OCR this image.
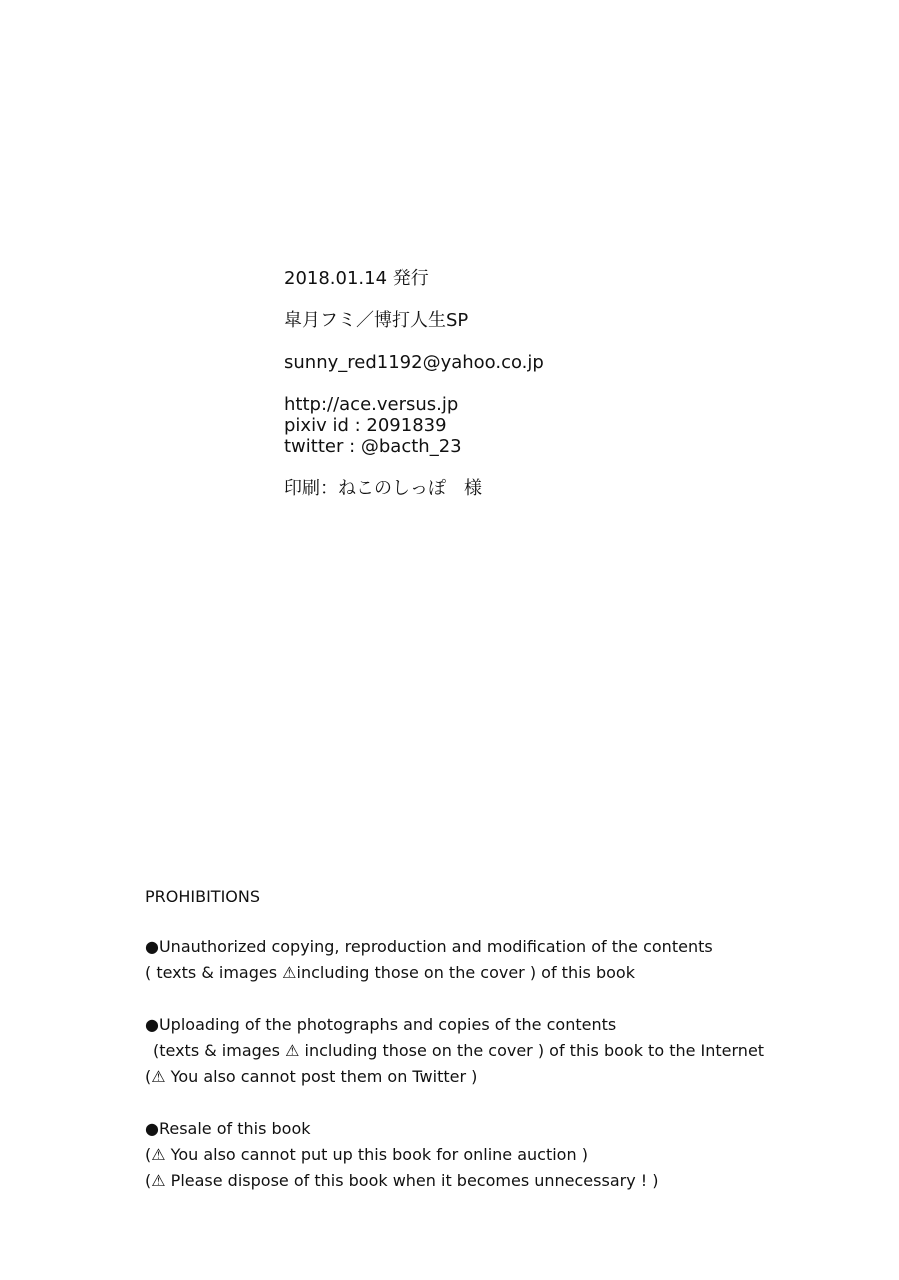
2018.01.14 発行
皐月フミ／博打人生SP
sunny_red1192@yahoo.co.jp
http://ace.versus.jp
pixiv id : 2091839
twitter : @bacth_23
印刷：ねこのしっぽ　様
PROHIBITIONS
●Unauthorized copying, reproduction and modification of the contents
( texts & images ⚠including those on the cover ) of this book
●Uploading of the photographs and copies of the contents
(texts & images ⚠ including those on the cover ) of this book to the Internet
(⚠ You also cannot post them on Twitter )
●Resale of this book
(⚠ You also cannot put up this book for online auction )
(⚠ Please dispose of this book when it becomes unnecessary ! )
